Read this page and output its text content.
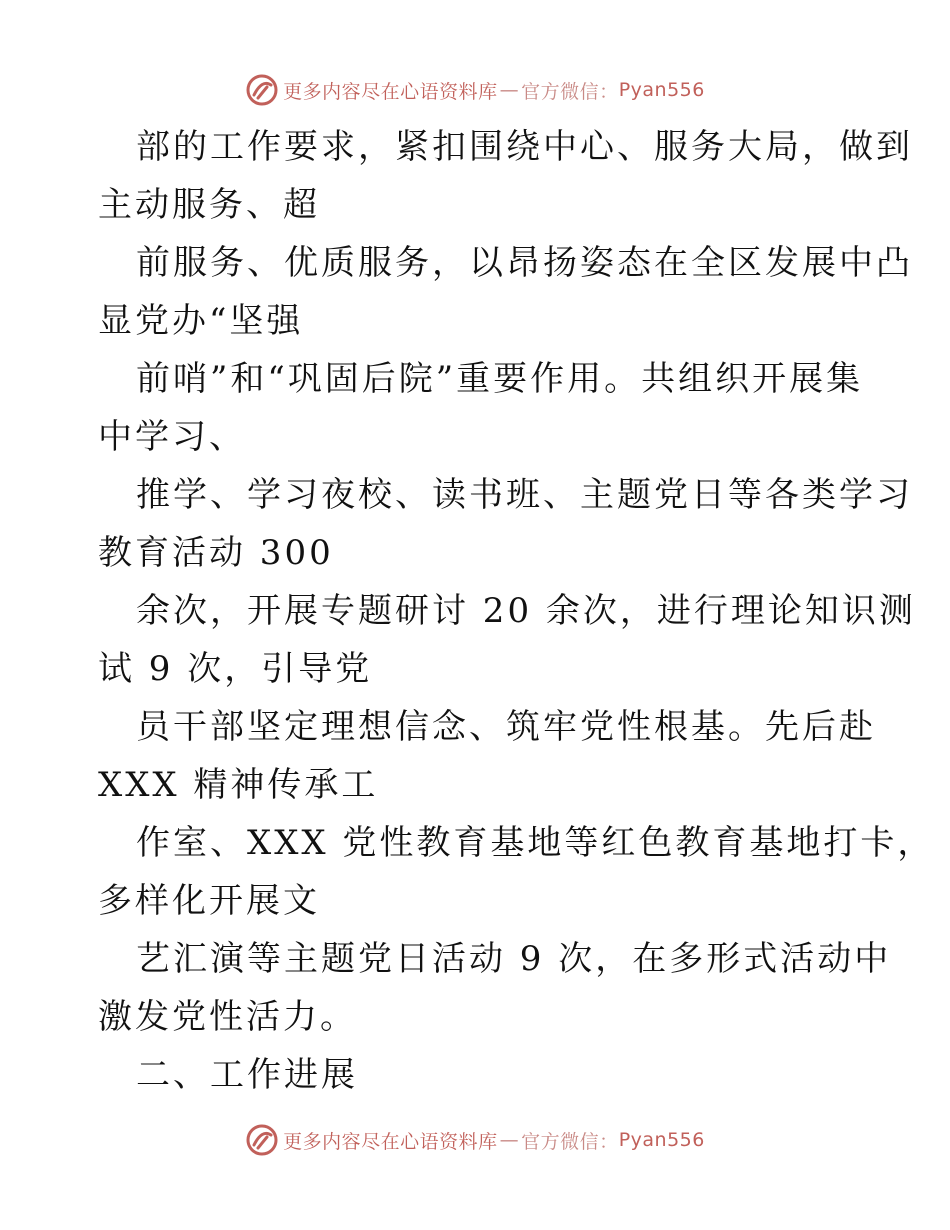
更多内容尽在心语资料库 — 官方微信： Pyan556
部的工作要求，紧扣围绕中心、服务大局，做到
主动服务、超
前服务、优质服务，以昂扬姿态在全区发展中凸
显党办“坚强
前哨”和“巩固后院”重要作用。共组织开展集
中学习、
推学、学习夜校、读书班、主题党日等各类学习
教育活动 300
余次，开展专题研讨 20 余次，进行理论知识测
试 9 次，引导党
员干部坚定理想信念、筑牢党性根基。先后赴
XXX 精神传承工
作室、XXX 党性教育基地等红色教育基地打卡，
多样化开展文
艺汇演等主题党日活动 9 次，在多形式活动中
激发党性活力。
二、工作进展
更多内容尽在心语资料库 — 官方微信： Pyan556
